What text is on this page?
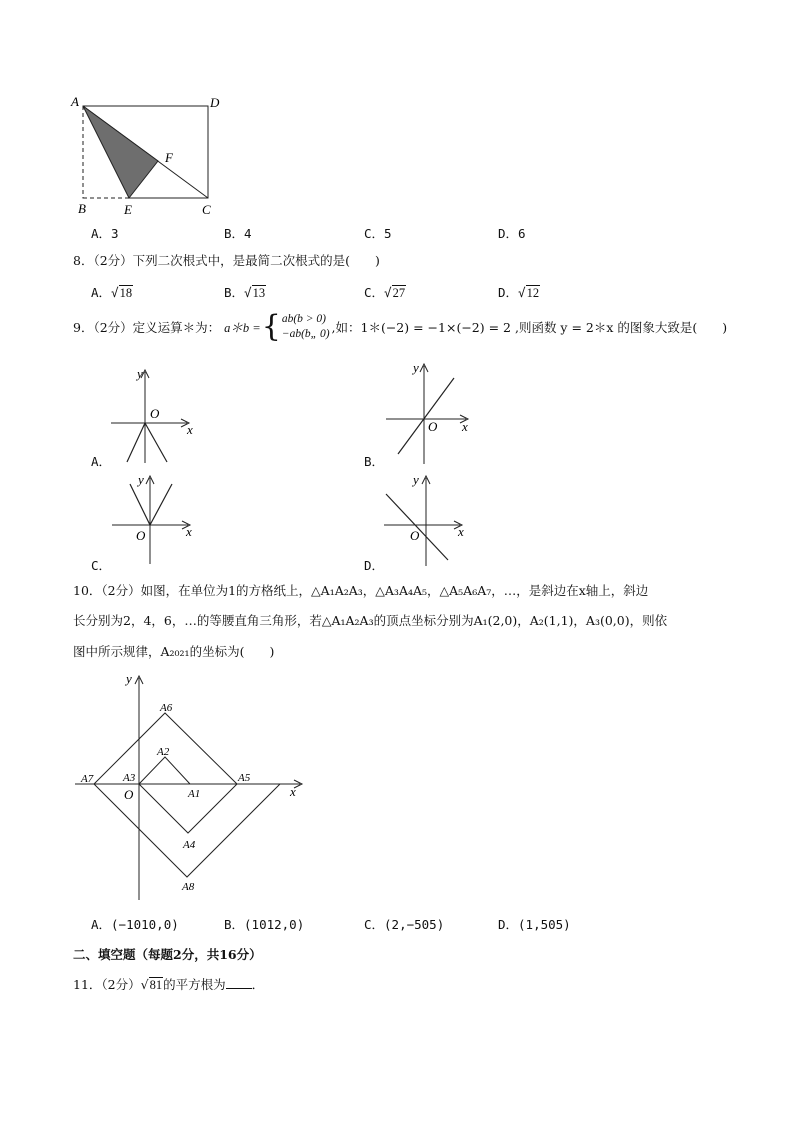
A	D
F
B	E	C
A．3	B．4	C．5	D．6
8．（2分）下列二次根式中，是最简二次根式的是(　　)
A．√18	B．√13	C．√27	D．√12
9．（2分）定义运算＊为： a＊b = { ab(b > 0)
−ab(b„ 0) ,如：1＊(−2) = −1×(−2) = 2 ,则函数 y = 2＊x 的图象大致是(　　)
y
O
x
A．
y
O x
B．
y
O	x
C．
y
O	x
D．
10．（2分）如图，在单位为1的方格纸上，△A₁A₂A₃，△A₃A₄A₅，△A₅A₆A₇，…，是斜边在x轴上，斜边
长分别为2，4，6，…的等腰直角三角形，若△A₁A₂A₃的顶点坐标分别为A₁(2,0)，A₂(1,1)，A₃(0,0)，则依
图中所示规律，A₂₀₂₁的坐标为(　　)
y
x
O
A6
A2
A7	A3	A5
A1
A4
A8
A．(−1010,0)	B．(1012,0)	C．(2,−505)	D．(1,505)
二、填空题（每题2分，共16分）
11．（2分）√81的平方根为 ．
